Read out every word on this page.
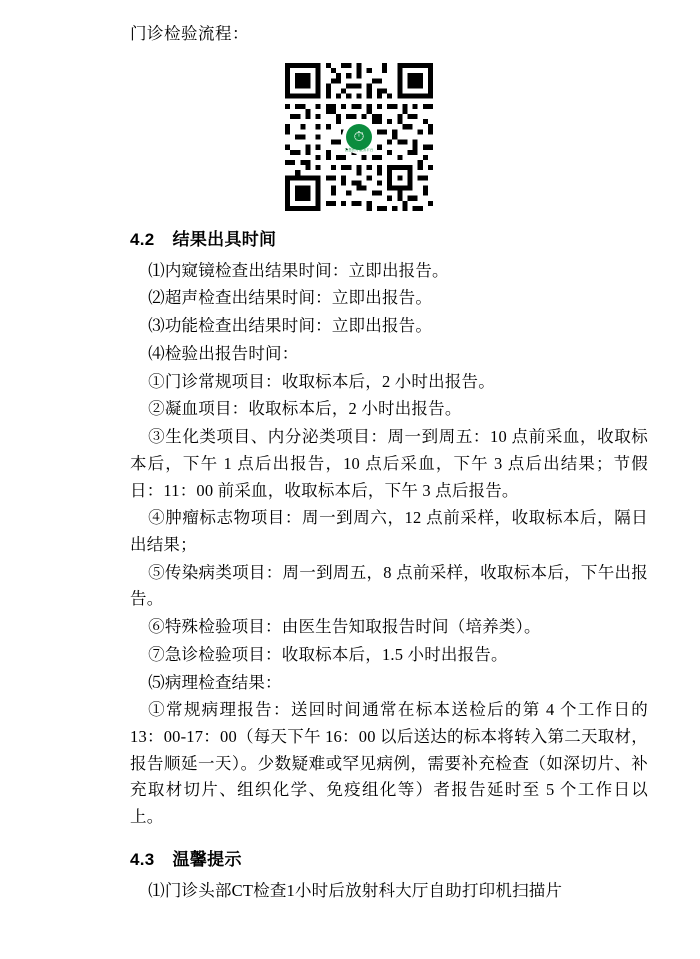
门诊检验流程：

⏱
智慧医疗服务平台
4.2 结果出具时间

⑴内窥镜检查出结果时间：立即出报告。

⑵超声检查出结果时间：立即出报告。

⑶功能检查出结果时间：立即出报告。

⑷检验出报告时间：

①门诊常规项目：收取标本后，2 小时出报告。

②凝血项目：收取标本后，2 小时出报告。

③生化类项目、内分泌类项目：周一到周五：10 点前采血，收取标本后，下午 1 点后出报告，10 点后采血，下午 3 点后出结果；节假日：11：00 前采血，收取标本后，下午 3 点后报告。

④肿瘤标志物项目：周一到周六，12 点前采样，收取标本后，隔日出结果；

⑤传染病类项目：周一到周五，8 点前采样，收取标本后，下午出报告。

⑥特殊检验项目：由医生告知取报告时间（培养类）。

⑦急诊检验项目：收取标本后，1.5 小时出报告。

⑸病理检查结果：

①常规病理报告：送回时间通常在标本送检后的第 4 个工作日的 13：00-17：00（每天下午 16：00 以后送达的标本将转入第二天取材，报告顺延一天）。少数疑难或罕见病例，需要补充检查（如深切片、补充取材切片、组织化学、免疫组化等）者报告延时至 5 个工作日以上。

4.3 温馨提示

⑴门诊头部CT检查1小时后放射科大厅自助打印机扫描片
